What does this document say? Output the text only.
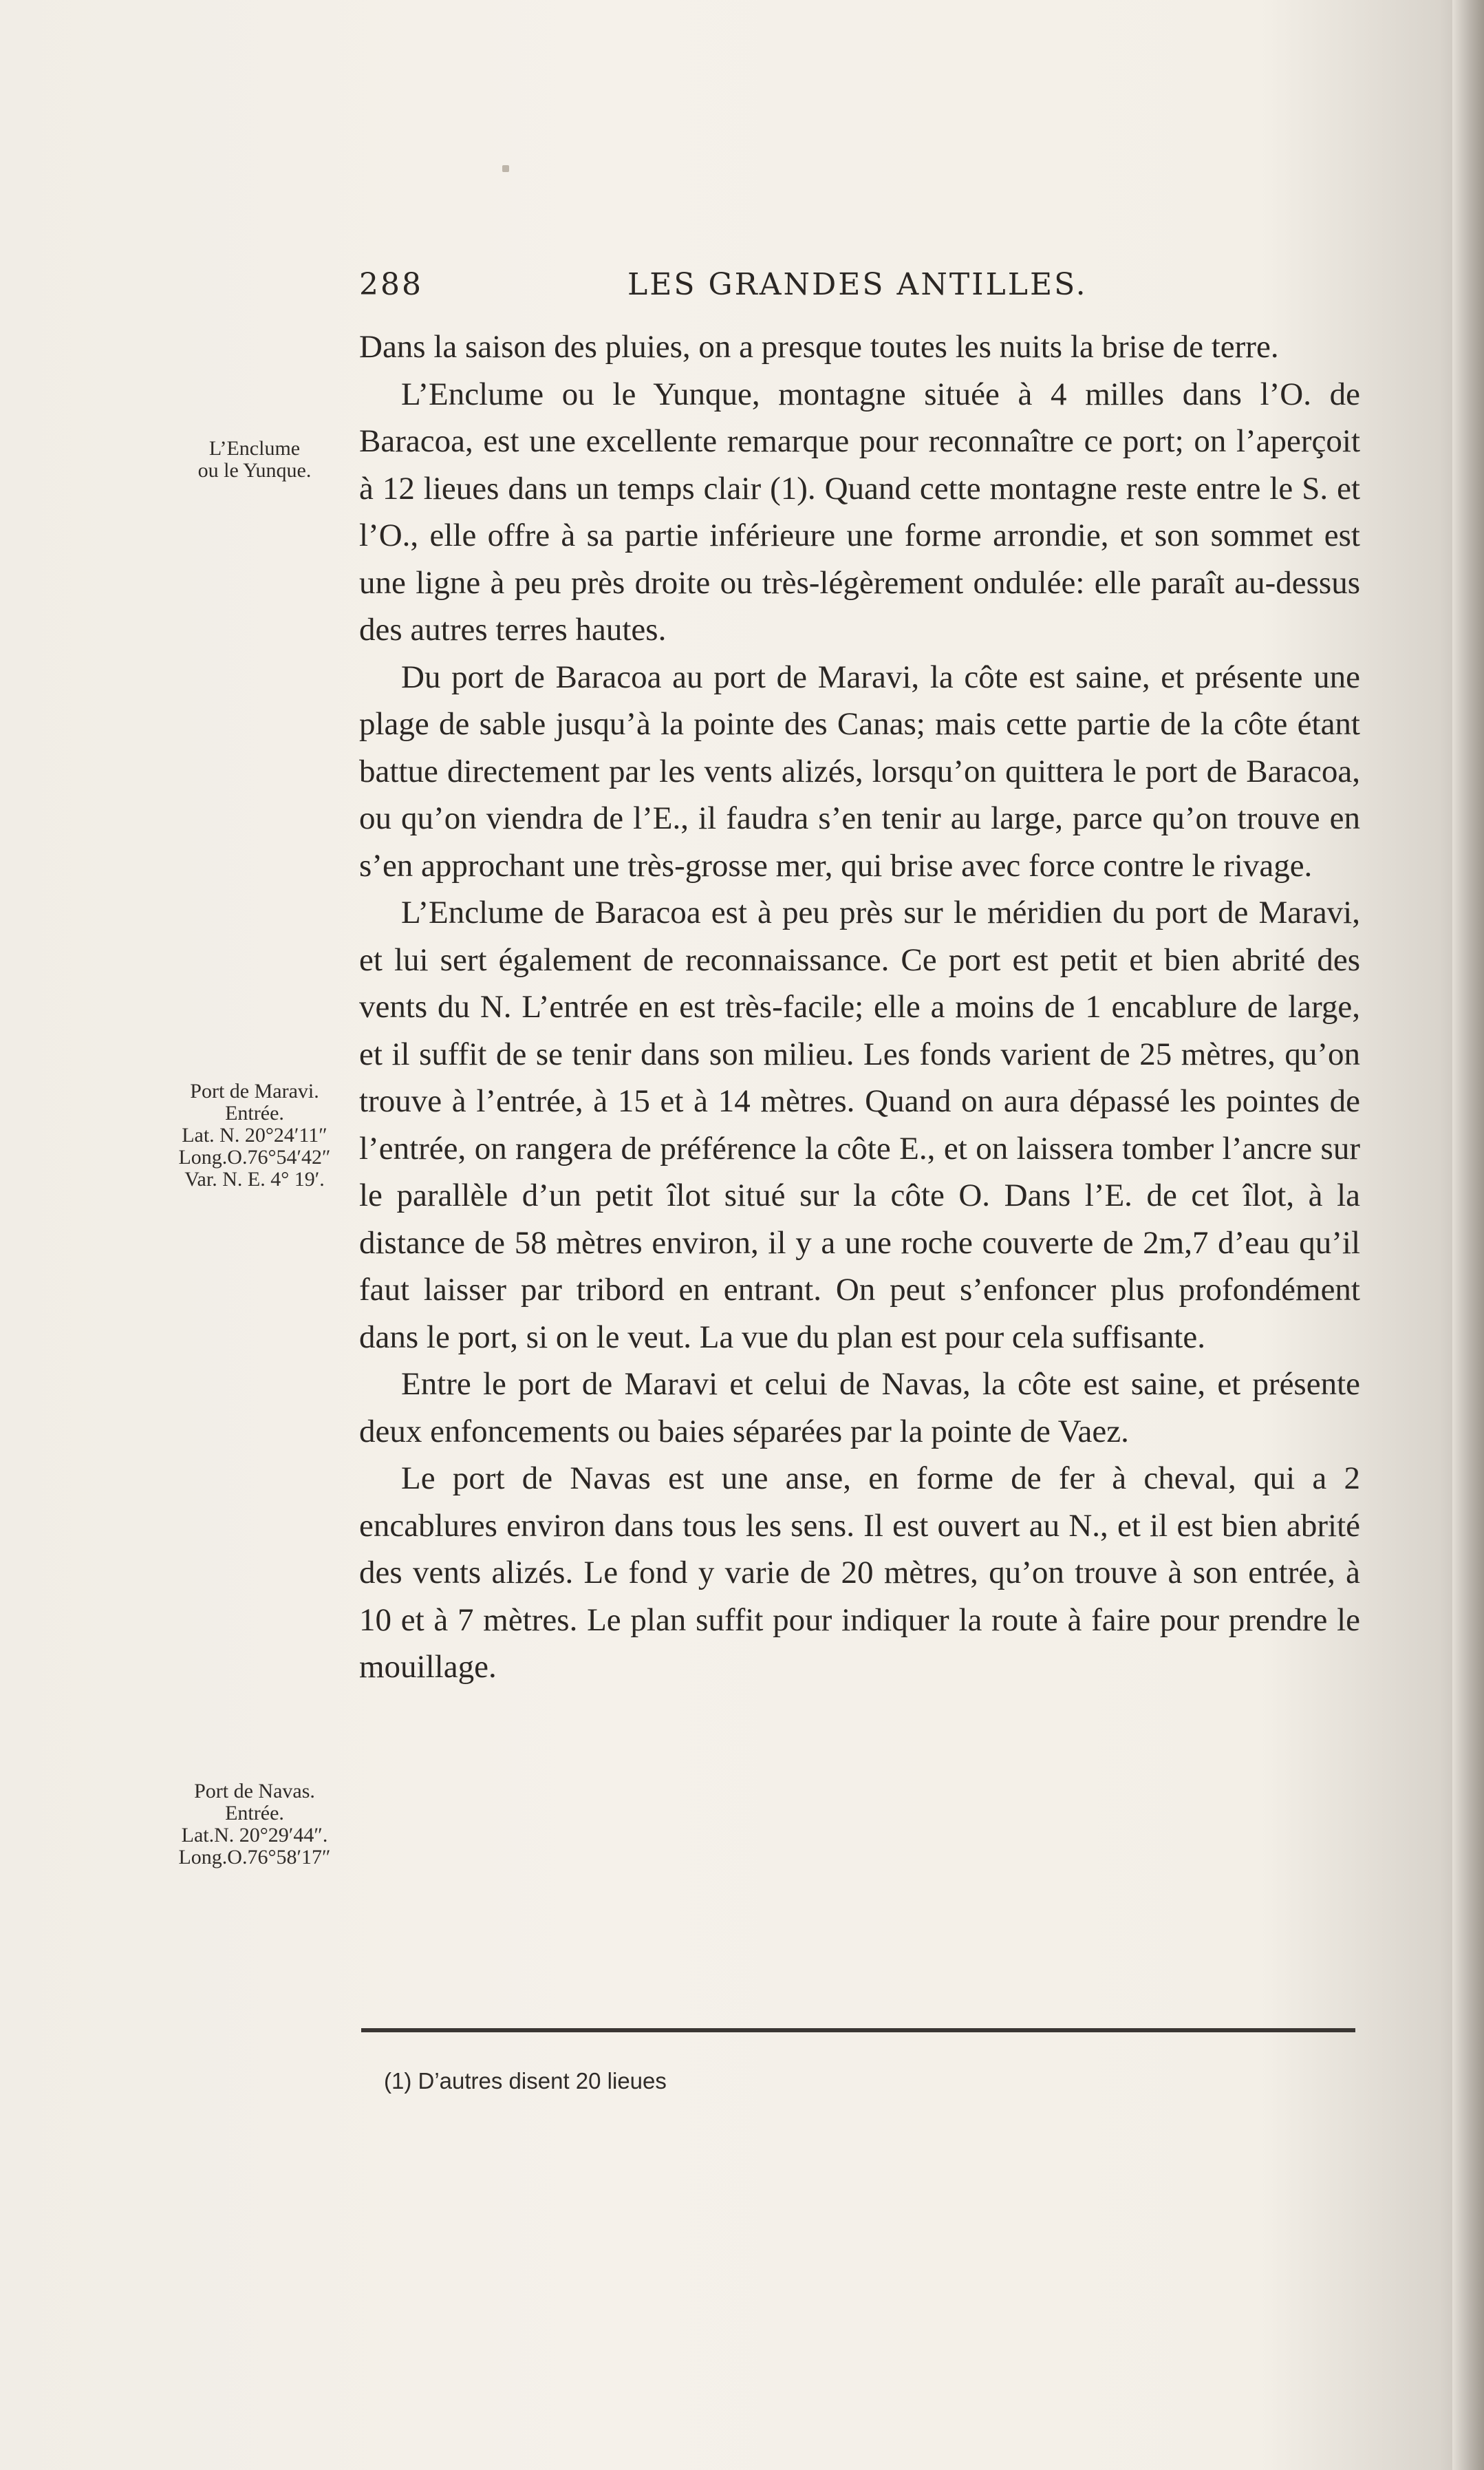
288	LES GRANDES ANTILLES.
L’Enclume
ou le Yunque.
Port de Maravi.
Entrée.
Lat. N. 20°24′11″
Long.O.76°54′42″
Var. N. E. 4° 19′.
Port de Navas.
Entrée.
Lat.N. 20°29′44″.
Long.O.76°58′17″

Dans la saison des pluies, on a presque toutes les nuits la brise de terre.

L’Enclume ou le Yunque, montagne située à 4 milles dans l’O. de Baracoa, est une excellente remarque pour reconnaître ce port; on l’aperçoit à 12 lieues dans un temps clair (1). Quand cette montagne reste entre le S. et l’O., elle offre à sa partie inférieure une forme arrondie, et son sommet est une ligne à peu près droite ou très-légèrement ondulée: elle paraît au-dessus des autres terres hautes.

Du port de Baracoa au port de Maravi, la côte est saine, et présente une plage de sable jusqu’à la pointe des Canas; mais cette partie de la côte étant battue directement par les vents alizés, lorsqu’on quittera le port de Baracoa, ou qu’on viendra de l’E., il faudra s’en tenir au large, parce qu’on trouve en s’en approchant une très-grosse mer, qui brise avec force contre le rivage.

L’Enclume de Baracoa est à peu près sur le méridien du port de Maravi, et lui sert également de reconnaissance. Ce port est petit et bien abrité des vents du N. L’entrée en est très-facile; elle a moins de 1 encablure de large, et il suffit de se tenir dans son milieu. Les fonds varient de 25 mètres, qu’on trouve à l’entrée, à 15 et à 14 mètres. Quand on aura dépassé les pointes de l’entrée, on rangera de préférence la côte E., et on laissera tomber l’ancre sur le parallèle d’un petit îlot situé sur la côte O. Dans l’E. de cet îlot, à la distance de 58 mètres environ, il y a une roche couverte de 2m,7 d’eau qu’il faut laisser par tribord en entrant. On peut s’enfoncer plus profondément dans le port, si on le veut. La vue du plan est pour cela suffisante.

Entre le port de Maravi et celui de Navas, la côte est saine, et présente deux enfoncements ou baies séparées par la pointe de Vaez.

Le port de Navas est une anse, en forme de fer à cheval, qui a 2 encablures environ dans tous les sens. Il est ouvert au N., et il est bien abrité des vents alizés. Le fond y varie de 20 mètres, qu’on trouve à son entrée, à 10 et à 7 mètres. Le plan suffit pour indiquer la route à faire pour prendre le mouillage.

(1) D’autres disent 20 lieues
